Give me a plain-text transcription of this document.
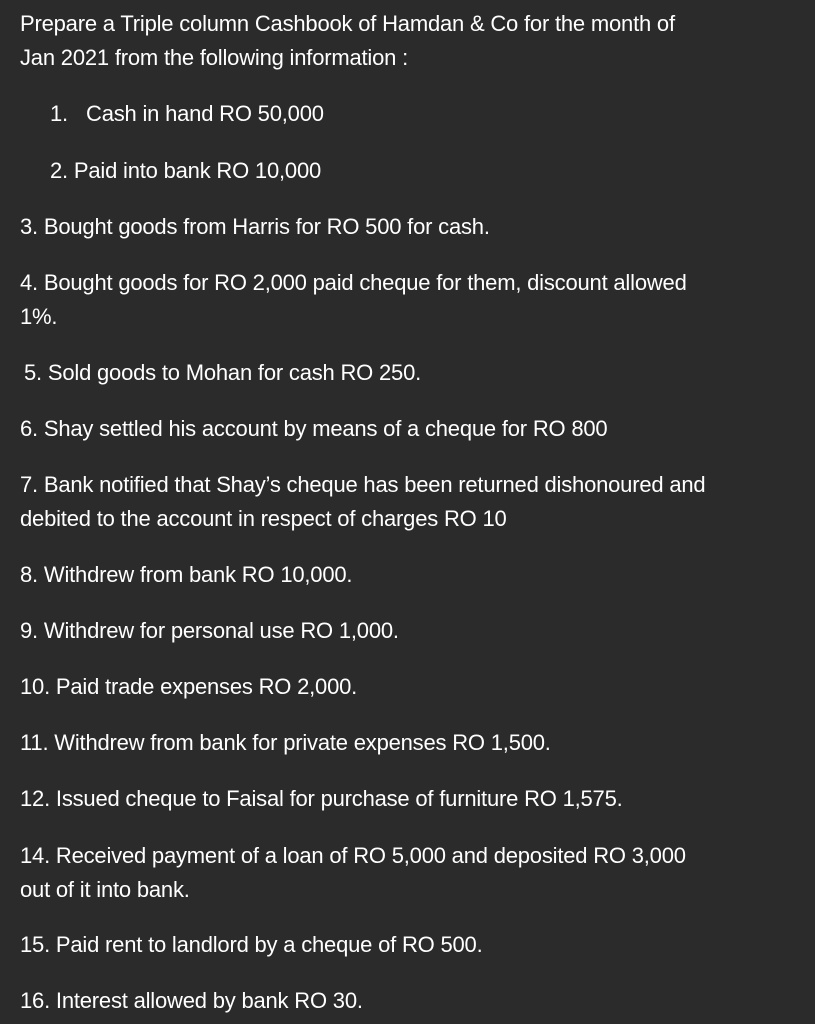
Prepare a Triple column Cashbook of Hamdan & Co for the month of
Jan 2021 from the following information :
1. Cash in hand RO 50,000
2. Paid into bank RO 10,000
3. Bought goods from Harris for RO 500 for cash.
4. Bought goods for RO 2,000 paid cheque for them, discount allowed
1%.
5. Sold goods to Mohan for cash RO 250.
6. Shay settled his account by means of a cheque for RO 800
7. Bank notified that Shay’s cheque has been returned dishonoured and
debited to the account in respect of charges RO 10
8. Withdrew from bank RO 10,000.
9. Withdrew for personal use RO 1,000.
10. Paid trade expenses RO 2,000.
11. Withdrew from bank for private expenses RO 1,500.
12. Issued cheque to Faisal for purchase of furniture RO 1,575.
14. Received payment of a loan of RO 5,000 and deposited RO 3,000
out of it into bank.
15. Paid rent to landlord by a cheque of RO 500.
16. Interest allowed by bank RO 30.
